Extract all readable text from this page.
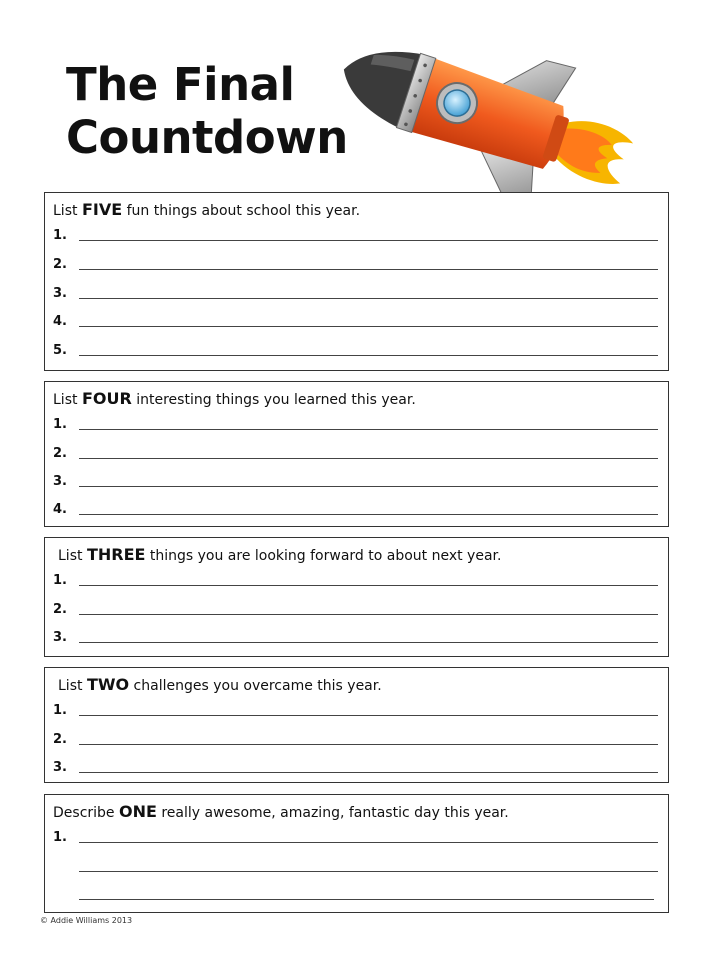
The Final
Countdown
List FIVE fun things about school this year.
1.
2.
3.
4.
5.
List FOUR interesting things you learned this year.
1.
2.
3.
4.
List THREE things you are looking forward to about next year.
1.
2.
3.
List TWO challenges you overcame this year.
1.
2.
3.
Describe ONE really awesome, amazing, fantastic day this year.
1.
© Addie Williams 2013
